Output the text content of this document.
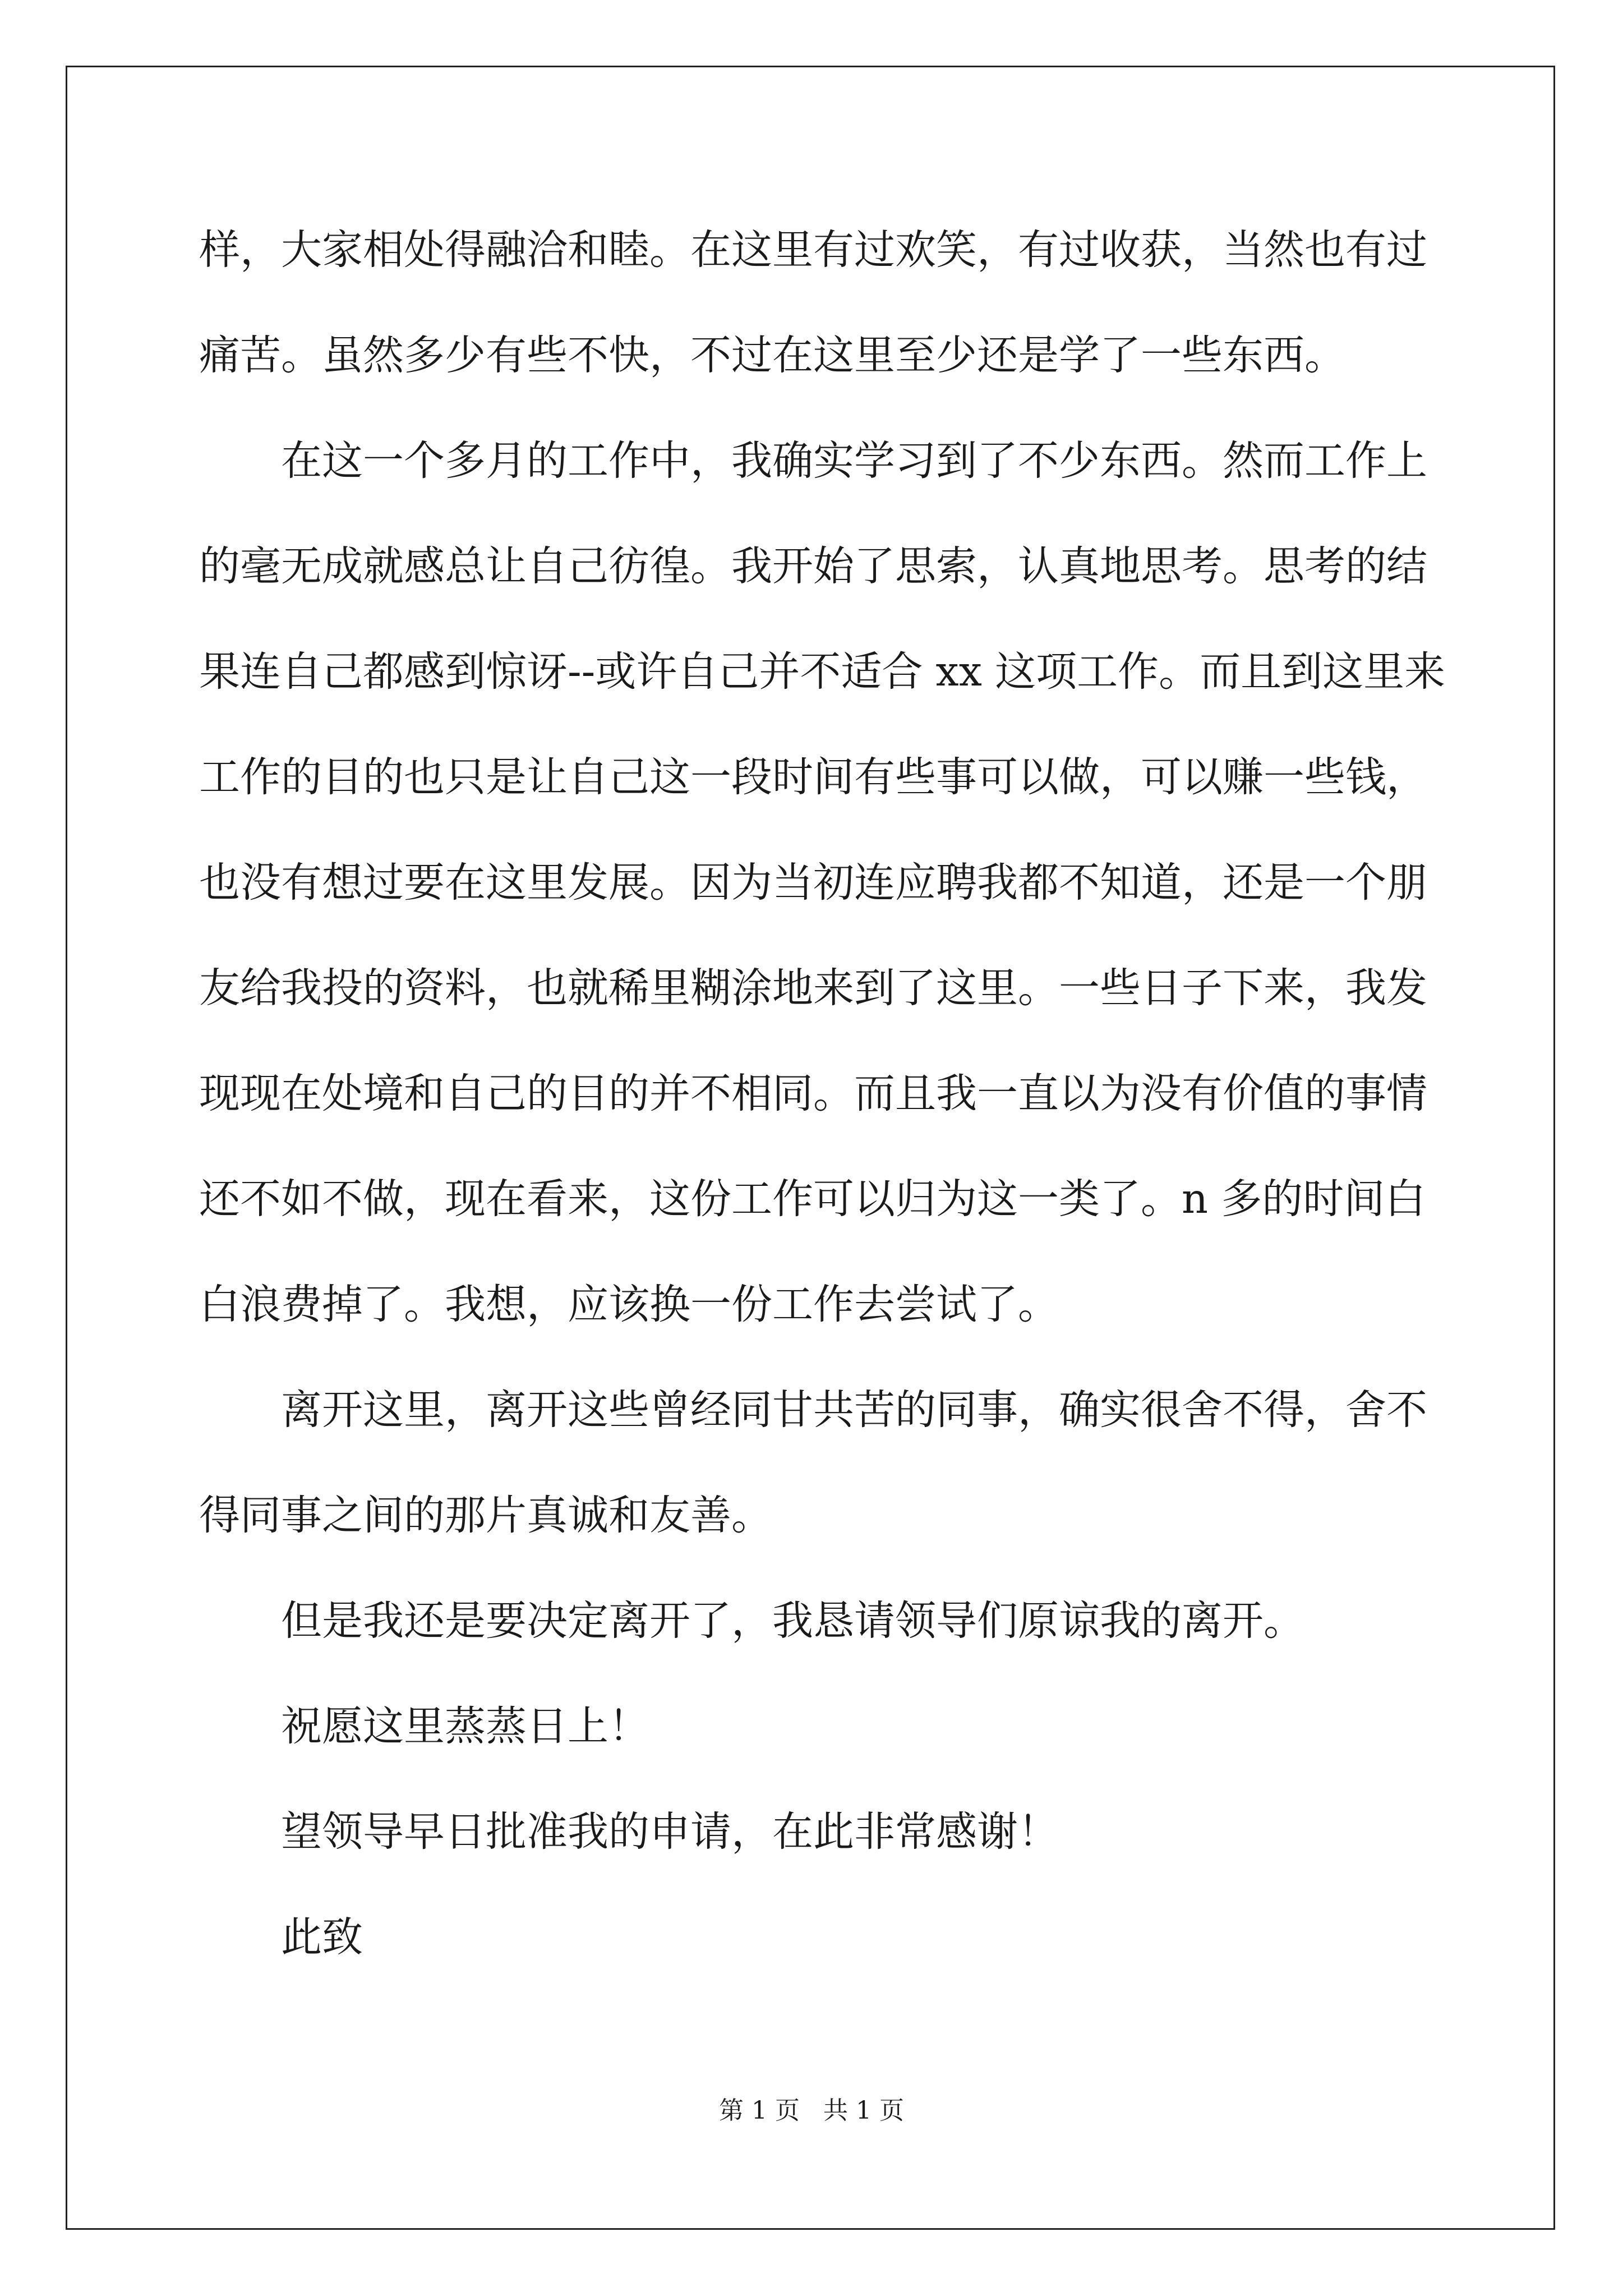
样，大家相处得融洽和睦。在这里有过欢笑，有过收获，当然也有过
痛苦。虽然多少有些不快，不过在这里至少还是学了一些东西。
在这一个多月的工作中，我确实学习到了不少东西。然而工作上
的毫无成就感总让自己彷徨。我开始了思索，认真地思考。思考的结
果连自己都感到惊讶--或许自己并不适合 xx 这项工作。而且到这里来
工作的目的也只是让自己这一段时间有些事可以做，可以赚一些钱，
也没有想过要在这里发展。因为当初连应聘我都不知道，还是一个朋
友给我投的资料，也就稀里糊涂地来到了这里。一些日子下来，我发
现现在处境和自己的目的并不相同。而且我一直以为没有价值的事情
还不如不做，现在看来，这份工作可以归为这一类了。n 多的时间白
白浪费掉了。我想，应该换一份工作去尝试了。
离开这里，离开这些曾经同甘共苦的同事，确实很舍不得，舍不
得同事之间的那片真诚和友善。
但是我还是要决定离开了，我恳请领导们原谅我的离开。
祝愿这里蒸蒸日上！
望领导早日批准我的申请，在此非常感谢！
此致
第 1 页   共 1 页
